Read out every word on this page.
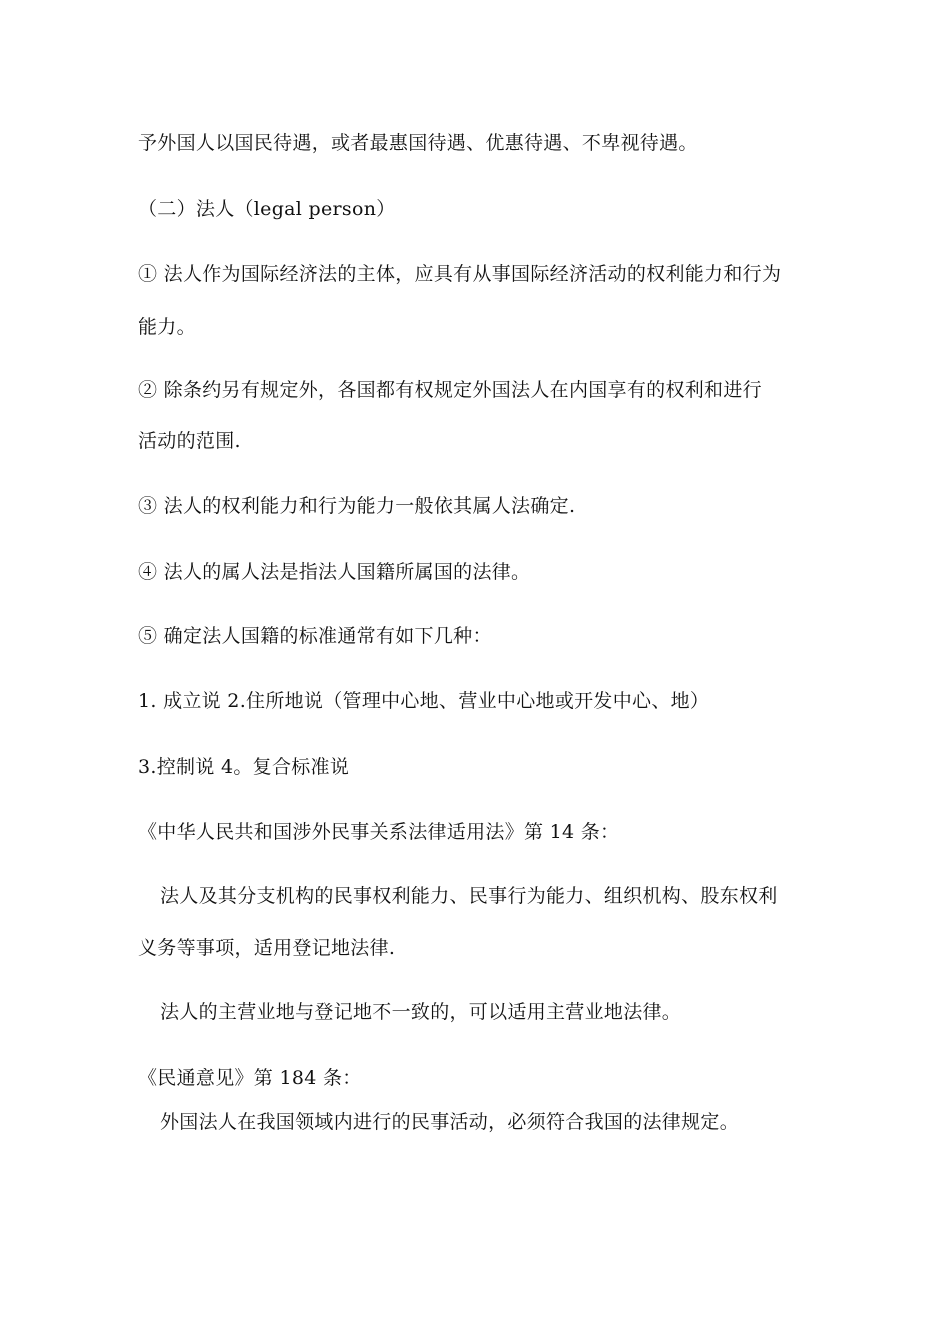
予外国人以国民待遇，或者最惠国待遇、优惠待遇、不卑视待遇。
（二）法人（legal person）
① 法人作为国际经济法的主体，应具有从事国际经济活动的权利能力和行为
能力。
② 除条约另有规定外，各国都有权规定外国法人在内国享有的权利和进行
活动的范围.
③ 法人的权利能力和行为能力一般依其属人法确定.
④ 法人的属人法是指法人国籍所属国的法律。
⑤ 确定法人国籍的标准通常有如下几种：
1. 成立说 2.住所地说（管理中心地、营业中心地或开发中心、地）
3.控制说 4。复合标准说
《中华人民共和国涉外民事关系法律适用法》第 14 条：
法人及其分支机构的民事权利能力、民事行为能力、组织机构、股东权利
义务等事项，适用登记地法律.
法人的主营业地与登记地不一致的，可以适用主营业地法律。
《民通意见》第 184 条：
外国法人在我国领域内进行的民事活动，必须符合我国的法律规定。
